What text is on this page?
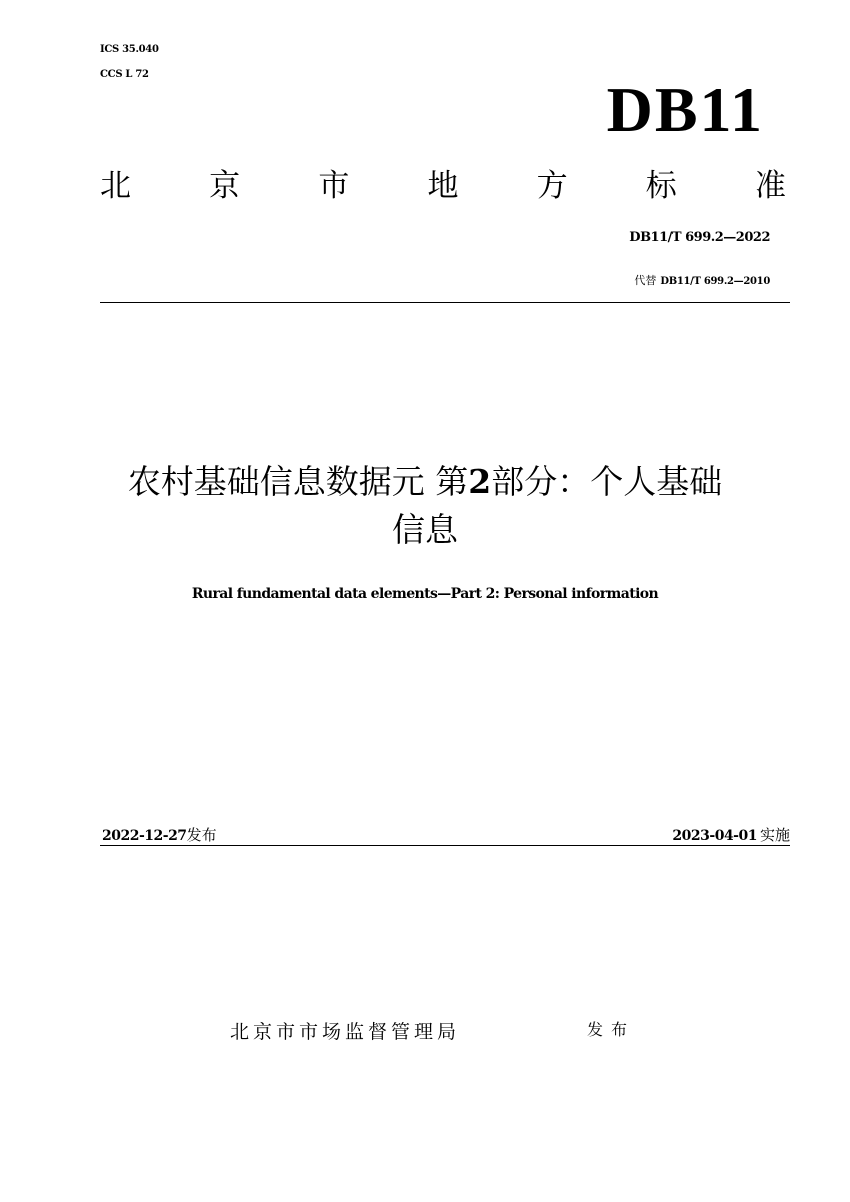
ICS 35.040
CCS L 72	DB11
北	京	市	地	方	标	准
DB11/T 699.2—2022
代替 DB11/T 699.2—2010
农村基础信息数据元 第2部分：个人基础
信息
Rural fundamental data elements—Part 2: Personal information
2022-12-27发布	2023-04-01  实施
北京市市场监督管理局	发布
